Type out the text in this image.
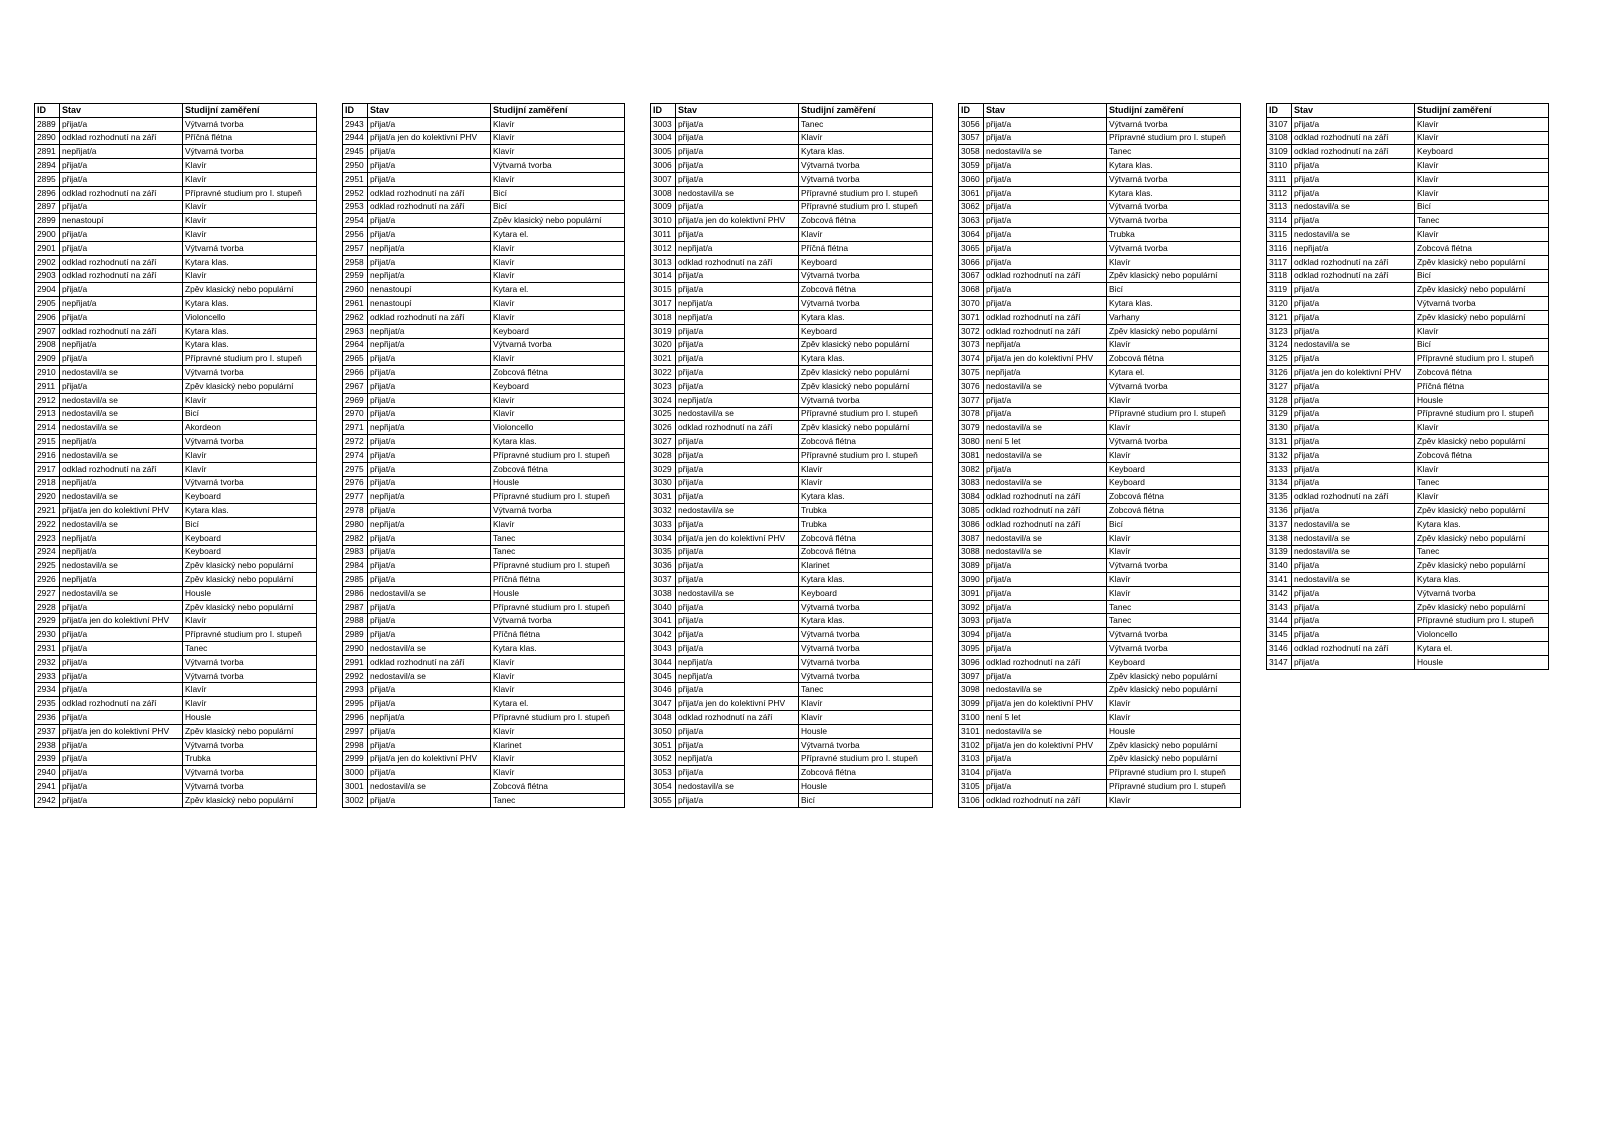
ID	Stav	Studijní zaměření
2889	přijat/a	Výtvarná tvorba
2890	odklad rozhodnutí na září	Příčná flétna
2891	nepřijat/a	Výtvarná tvorba
2894	přijat/a	Klavír
2895	přijat/a	Klavír
2896	odklad rozhodnutí na září	Přípravné studium pro I. stupeň
2897	přijat/a	Klavír
2899	nenastoupí	Klavír
2900	přijat/a	Klavír
2901	přijat/a	Výtvarná tvorba
2902	odklad rozhodnutí na září	Kytara klas.
2903	odklad rozhodnutí na září	Klavír
2904	přijat/a	Zpěv klasický nebo populární
2905	nepřijat/a	Kytara klas.
2906	přijat/a	Violoncello
2907	odklad rozhodnutí na září	Kytara klas.
2908	nepřijat/a	Kytara klas.
2909	přijat/a	Přípravné studium pro I. stupeň
2910	nedostavil/a se	Výtvarná tvorba
2911	přijat/a	Zpěv klasický nebo populární
2912	nedostavil/a se	Klavír
2913	nedostavil/a se	Bicí
2914	nedostavil/a se	Akordeon
2915	nepřijat/a	Výtvarná tvorba
2916	nedostavil/a se	Klavír
2917	odklad rozhodnutí na září	Klavír
2918	nepřijat/a	Výtvarná tvorba
2920	nedostavil/a se	Keyboard
2921	přijat/a jen do kolektivní PHV	Kytara klas.
2922	nedostavil/a se	Bicí
2923	nepřijat/a	Keyboard
2924	nepřijat/a	Keyboard
2925	nedostavil/a se	Zpěv klasický nebo populární
2926	nepřijat/a	Zpěv klasický nebo populární
2927	nedostavil/a se	Housle
2928	přijat/a	Zpěv klasický nebo populární
2929	přijat/a jen do kolektivní PHV	Klavír
2930	přijat/a	Přípravné studium pro I. stupeň
2931	přijat/a	Tanec
2932	přijat/a	Výtvarná tvorba
2933	přijat/a	Výtvarná tvorba
2934	přijat/a	Klavír
2935	odklad rozhodnutí na září	Klavír
2936	přijat/a	Housle
2937	přijat/a jen do kolektivní PHV	Zpěv klasický nebo populární
2938	přijat/a	Výtvarná tvorba
2939	přijat/a	Trubka
2940	přijat/a	Výtvarná tvorba
2941	přijat/a	Výtvarná tvorba
2942	přijat/a	Zpěv klasický nebo populární
ID	Stav	Studijní zaměření
2943	přijat/a	Klavír
2944	přijat/a jen do kolektivní PHV	Klavír
2945	přijat/a	Klavír
2950	přijat/a	Výtvarná tvorba
2951	přijat/a	Klavír
2952	odklad rozhodnutí na září	Bicí
2953	odklad rozhodnutí na září	Bicí
2954	přijat/a	Zpěv klasický nebo populární
2956	přijat/a	Kytara el.
2957	nepřijat/a	Klavír
2958	přijat/a	Klavír
2959	nepřijat/a	Klavír
2960	nenastoupí	Kytara el.
2961	nenastoupí	Klavír
2962	odklad rozhodnutí na září	Klavír
2963	nepřijat/a	Keyboard
2964	nepřijat/a	Výtvarná tvorba
2965	přijat/a	Klavír
2966	přijat/a	Zobcová flétna
2967	přijat/a	Keyboard
2969	přijat/a	Klavír
2970	přijat/a	Klavír
2971	nepřijat/a	Violoncello
2972	přijat/a	Kytara klas.
2974	přijat/a	Přípravné studium pro I. stupeň
2975	přijat/a	Zobcová flétna
2976	přijat/a	Housle
2977	nepřijat/a	Přípravné studium pro I. stupeň
2978	přijat/a	Výtvarná tvorba
2980	nepřijat/a	Klavír
2982	přijat/a	Tanec
2983	přijat/a	Tanec
2984	přijat/a	Přípravné studium pro I. stupeň
2985	přijat/a	Příčná flétna
2986	nedostavil/a se	Housle
2987	přijat/a	Přípravné studium pro I. stupeň
2988	přijat/a	Výtvarná tvorba
2989	přijat/a	Příčná flétna
2990	nedostavil/a se	Kytara klas.
2991	odklad rozhodnutí na září	Klavír
2992	nedostavil/a se	Klavír
2993	přijat/a	Klavír
2995	přijat/a	Kytara el.
2996	nepřijat/a	Přípravné studium pro I. stupeň
2997	přijat/a	Klavír
2998	přijat/a	Klarinet
2999	přijat/a jen do kolektivní PHV	Klavír
3000	přijat/a	Klavír
3001	nedostavil/a se	Zobcová flétna
3002	přijat/a	Tanec
ID	Stav	Studijní zaměření
3003	přijat/a	Tanec
3004	přijat/a	Klavír
3005	přijat/a	Kytara klas.
3006	přijat/a	Výtvarná tvorba
3007	přijat/a	Výtvarná tvorba
3008	nedostavil/a se	Přípravné studium pro I. stupeň
3009	přijat/a	Přípravné studium pro I. stupeň
3010	přijat/a jen do kolektivní PHV	Zobcová flétna
3011	přijat/a	Klavír
3012	nepřijat/a	Příčná flétna
3013	odklad rozhodnutí na září	Keyboard
3014	přijat/a	Výtvarná tvorba
3015	přijat/a	Zobcová flétna
3017	nepřijat/a	Výtvarná tvorba
3018	nepřijat/a	Kytara klas.
3019	přijat/a	Keyboard
3020	přijat/a	Zpěv klasický nebo populární
3021	přijat/a	Kytara klas.
3022	přijat/a	Zpěv klasický nebo populární
3023	přijat/a	Zpěv klasický nebo populární
3024	nepřijat/a	Výtvarná tvorba
3025	nedostavil/a se	Přípravné studium pro I. stupeň
3026	odklad rozhodnutí na září	Zpěv klasický nebo populární
3027	přijat/a	Zobcová flétna
3028	přijat/a	Přípravné studium pro I. stupeň
3029	přijat/a	Klavír
3030	přijat/a	Klavír
3031	přijat/a	Kytara klas.
3032	nedostavil/a se	Trubka
3033	přijat/a	Trubka
3034	přijat/a jen do kolektivní PHV	Zobcová flétna
3035	přijat/a	Zobcová flétna
3036	přijat/a	Klarinet
3037	přijat/a	Kytara klas.
3038	nedostavil/a se	Keyboard
3040	přijat/a	Výtvarná tvorba
3041	přijat/a	Kytara klas.
3042	přijat/a	Výtvarná tvorba
3043	přijat/a	Výtvarná tvorba
3044	nepřijat/a	Výtvarná tvorba
3045	nepřijat/a	Výtvarná tvorba
3046	přijat/a	Tanec
3047	přijat/a jen do kolektivní PHV	Klavír
3048	odklad rozhodnutí na září	Klavír
3050	přijat/a	Housle
3051	přijat/a	Výtvarná tvorba
3052	nepřijat/a	Přípravné studium pro I. stupeň
3053	přijat/a	Zobcová flétna
3054	nedostavil/a se	Housle
3055	přijat/a	Bicí
ID	Stav	Studijní zaměření
3056	přijat/a	Výtvarná tvorba
3057	přijat/a	Přípravné studium pro I. stupeň
3058	nedostavil/a se	Tanec
3059	přijat/a	Kytara klas.
3060	přijat/a	Výtvarná tvorba
3061	přijat/a	Kytara klas.
3062	přijat/a	Výtvarná tvorba
3063	přijat/a	Výtvarná tvorba
3064	přijat/a	Trubka
3065	přijat/a	Výtvarná tvorba
3066	přijat/a	Klavír
3067	odklad rozhodnutí na září	Zpěv klasický nebo populární
3068	přijat/a	Bicí
3070	přijat/a	Kytara klas.
3071	odklad rozhodnutí na září	Varhany
3072	odklad rozhodnutí na září	Zpěv klasický nebo populární
3073	nepřijat/a	Klavír
3074	přijat/a jen do kolektivní PHV	Zobcová flétna
3075	nepřijat/a	Kytara el.
3076	nedostavil/a se	Výtvarná tvorba
3077	přijat/a	Klavír
3078	přijat/a	Přípravné studium pro I. stupeň
3079	nedostavil/a se	Klavír
3080	není 5 let	Výtvarná tvorba
3081	nedostavil/a se	Klavír
3082	přijat/a	Keyboard
3083	nedostavil/a se	Keyboard
3084	odklad rozhodnutí na září	Zobcová flétna
3085	odklad rozhodnutí na září	Zobcová flétna
3086	odklad rozhodnutí na září	Bicí
3087	nedostavil/a se	Klavír
3088	nedostavil/a se	Klavír
3089	přijat/a	Výtvarná tvorba
3090	přijat/a	Klavír
3091	přijat/a	Klavír
3092	přijat/a	Tanec
3093	přijat/a	Tanec
3094	přijat/a	Výtvarná tvorba
3095	přijat/a	Výtvarná tvorba
3096	odklad rozhodnutí na září	Keyboard
3097	přijat/a	Zpěv klasický nebo populární
3098	nedostavil/a se	Zpěv klasický nebo populární
3099	přijat/a jen do kolektivní PHV	Klavír
3100	není 5 let	Klavír
3101	nedostavil/a se	Housle
3102	přijat/a jen do kolektivní PHV	Zpěv klasický nebo populární
3103	přijat/a	Zpěv klasický nebo populární
3104	přijat/a	Přípravné studium pro I. stupeň
3105	přijat/a	Přípravné studium pro I. stupeň
3106	odklad rozhodnutí na září	Klavír
ID	Stav	Studijní zaměření
3107	přijat/a	Klavír
3108	odklad rozhodnutí na září	Klavír
3109	odklad rozhodnutí na září	Keyboard
3110	přijat/a	Klavír
3111	přijat/a	Klavír
3112	přijat/a	Klavír
3113	nedostavil/a se	Bicí
3114	přijat/a	Tanec
3115	nedostavil/a se	Klavír
3116	nepřijat/a	Zobcová flétna
3117	odklad rozhodnutí na září	Zpěv klasický nebo populární
3118	odklad rozhodnutí na září	Bicí
3119	přijat/a	Zpěv klasický nebo populární
3120	přijat/a	Výtvarná tvorba
3121	přijat/a	Zpěv klasický nebo populární
3123	přijat/a	Klavír
3124	nedostavil/a se	Bicí
3125	přijat/a	Přípravné studium pro I. stupeň
3126	přijat/a jen do kolektivní PHV	Zobcová flétna
3127	přijat/a	Příčná flétna
3128	přijat/a	Housle
3129	přijat/a	Přípravné studium pro I. stupeň
3130	přijat/a	Klavír
3131	přijat/a	Zpěv klasický nebo populární
3132	přijat/a	Zobcová flétna
3133	přijat/a	Klavír
3134	přijat/a	Tanec
3135	odklad rozhodnutí na září	Klavír
3136	přijat/a	Zpěv klasický nebo populární
3137	nedostavil/a se	Kytara klas.
3138	nedostavil/a se	Zpěv klasický nebo populární
3139	nedostavil/a se	Tanec
3140	přijat/a	Zpěv klasický nebo populární
3141	nedostavil/a se	Kytara klas.
3142	přijat/a	Výtvarná tvorba
3143	přijat/a	Zpěv klasický nebo populární
3144	přijat/a	Přípravné studium pro I. stupeň
3145	přijat/a	Violoncello
3146	odklad rozhodnutí na září	Kytara el.
3147	přijat/a	Housle
